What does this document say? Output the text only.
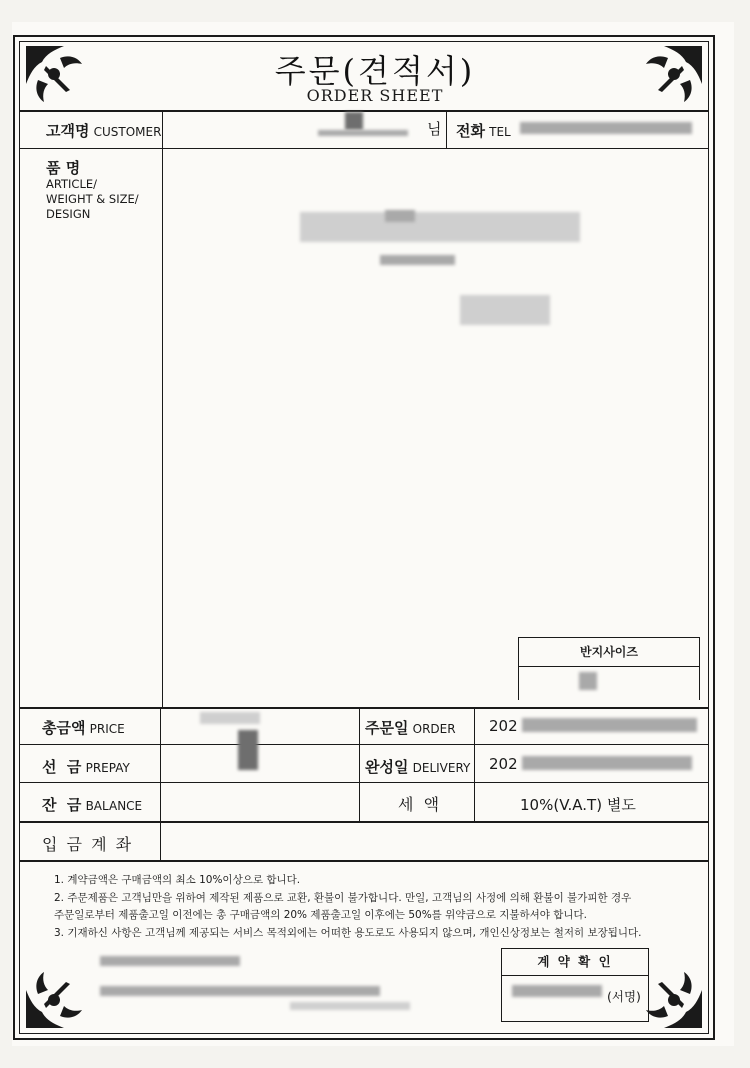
주문(견적서)
ORDER SHEET
고객명 CUSTOMER	님 전화 TEL
품 명
ARTICLE/
WEIGHT & SIZE/
DESIGN
반지사이즈
총금액 PRICE	주문일 ORDER 202
선  금 PREPAY	완성일 DELIVERY 202
잔  금 BALANCE	세  액	10%(V.A.T) 별도
입 금 계 좌
1. 계약금액은 구매금액의 최소 10%이상으로 합니다.
2. 주문제품은 고객님만을 위하여 제작된 제품으로 교환, 환불이 불가합니다. 만일, 고객님의 사정에 의해 환불이 불가피한 경우
주문일로부터 제품출고일 이전에는 총 구매금액의 20% 제품출고일 이후에는 50%를 위약금으로 지불하셔야 합니다.
3. 기재하신 사항은 고객님께 제공되는 서비스 목적외에는 어떠한 용도로도 사용되지 않으며, 개인신상정보는 철저히 보장됩니다.
계 약 확 인
(서명)
